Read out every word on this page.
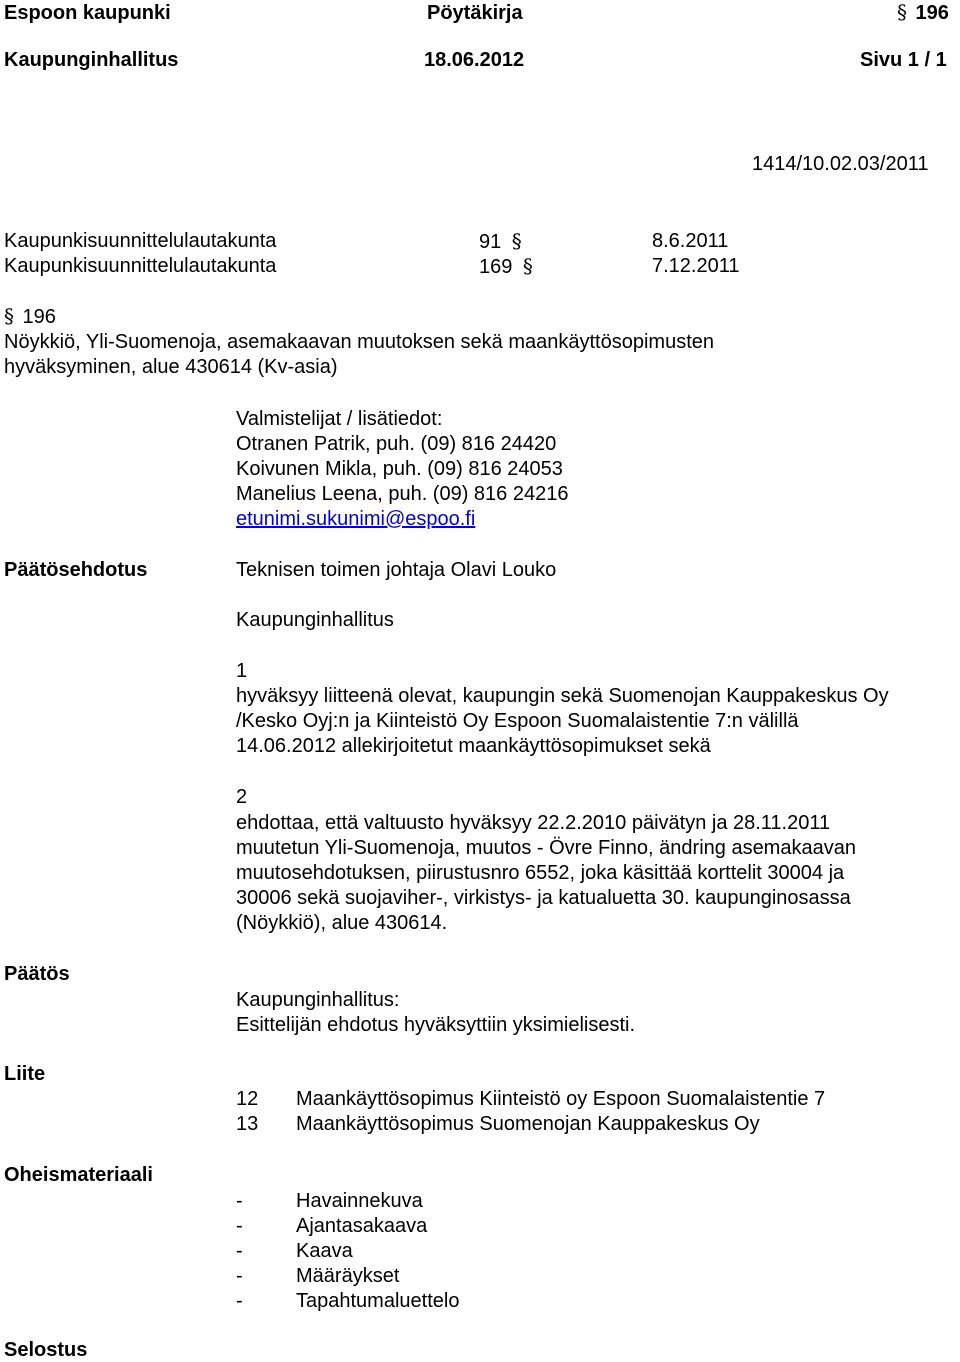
Espoon kaupunki	Pöytäkirja	§ 196
Kaupunginhallitus	18.06.2012	Sivu 1 / 1
1414/10.02.03/2011
Kaupunkisuunnittelulautakunta	91 §	8.6.2011
Kaupunkisuunnittelulautakunta	169 §	7.12.2011
§ 196
Nöykkiö, Yli-Suomenoja, asemakaavan muutoksen sekä maankäyttösopimusten
hyväksyminen, alue 430614 (Kv-asia)
Valmistelijat / lisätiedot:
Otranen Patrik, puh. (09) 816 24420
Koivunen Mikla, puh. (09) 816 24053
Manelius Leena, puh. (09) 816 24216
etunimi.sukunimi@espoo.fi
Päätösehdotus	Teknisen toimen johtaja Olavi Louko
Kaupunginhallitus
1
hyväksyy liitteenä olevat, kaupungin sekä Suomenojan Kauppakeskus Oy
/Kesko Oyj:n ja Kiinteistö Oy Espoon Suomalaistentie 7:n välillä
14.06.2012 allekirjoitetut maankäyttösopimukset sekä
2
ehdottaa, että valtuusto hyväksyy 22.2.2010 päivätyn ja 28.11.2011
muutetun Yli-Suomenoja, muutos - Övre Finno, ändring asemakaavan
muutosehdotuksen, piirustusnro 6552, joka käsittää korttelit 30004 ja
30006 sekä suojaviher-, virkistys- ja katualuetta 30. kaupunginosassa
(Nöykkiö), alue 430614.
Päätös
Kaupunginhallitus:
Esittelijän ehdotus hyväksyttiin yksimielisesti.
Liite
12 Maankäyttösopimus Kiinteistö oy Espoon Suomalaistentie 7
13 Maankäyttösopimus Suomenojan Kauppakeskus Oy
Oheismateriaali
-	Havainnekuva
-	Ajantasakaava
-	Kaava
-	Määräykset
-	Tapahtumaluettelo
Selostus
